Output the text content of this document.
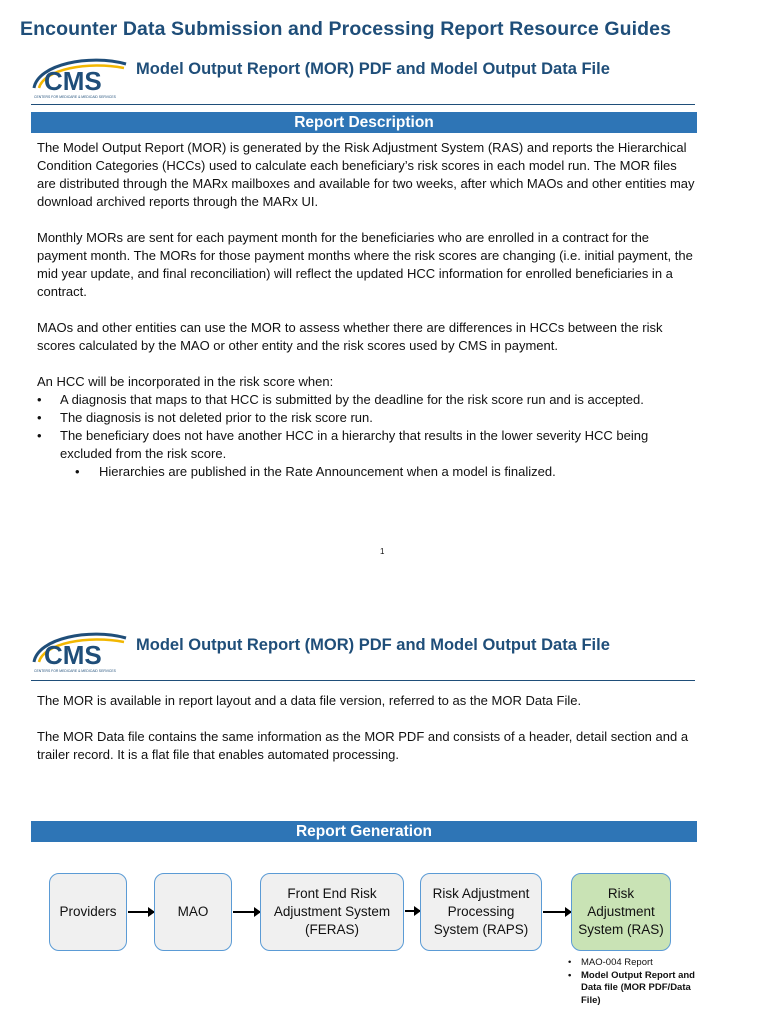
Encounter Data Submission and Processing Report Resource Guides
CMS
CENTERS FOR MEDICARE & MEDICAID SERVICES
Model Output Report (MOR) PDF and Model Output Data File
Report Description

The Model Output Report (MOR) is generated by the Risk Adjustment System (RAS) and reports the Hierarchical Condition Categories (HCCs) used to calculate each beneficiary’s risk scores in each model run. The MOR files are distributed through the MARx mailboxes and available for two weeks, after which MAOs and other entities may download archived reports through the MARx UI.

Monthly MORs are sent for each payment month for the beneficiaries who are enrolled in a contract for the payment month. The MORs for those payment months where the risk scores are changing (i.e. initial payment, the mid year update, and final reconciliation) will reflect the updated HCC information for enrolled beneficiaries in a contract.

MAOs and other entities can use the MOR to assess whether there are differences in HCCs between the risk scores calculated by the MAO or other entity and the risk scores used by CMS in payment.

An HCC will be incorporated in the risk score when:

• A diagnosis that maps to that HCC is submitted by the deadline for the risk score run and is accepted.
• The diagnosis is not deleted prior to the risk score run.
• The beneficiary does not have another HCC in a hierarchy that results in the lower severity HCC being excluded from the risk score.
• Hierarchies are published in the Rate Announcement when a model is finalized.
1
CMS
CENTERS FOR MEDICARE & MEDICAID SERVICES
Model Output Report (MOR) PDF and Model Output Data File

The MOR is available in report layout and a data file version, referred to as the MOR Data File.

The MOR Data file contains the same information as the MOR PDF and consists of a header, detail section and a trailer record. It is a flat file that enables automated processing.

Report Generation
Providers	MAO
Front End Risk Adjustment System (FERAS)
Risk Adjustment Processing System (RAPS)
Risk Adjustment System (RAS)
• MAO-004 Report
• Model Output Report and Data file (MOR PDF/Data File)
